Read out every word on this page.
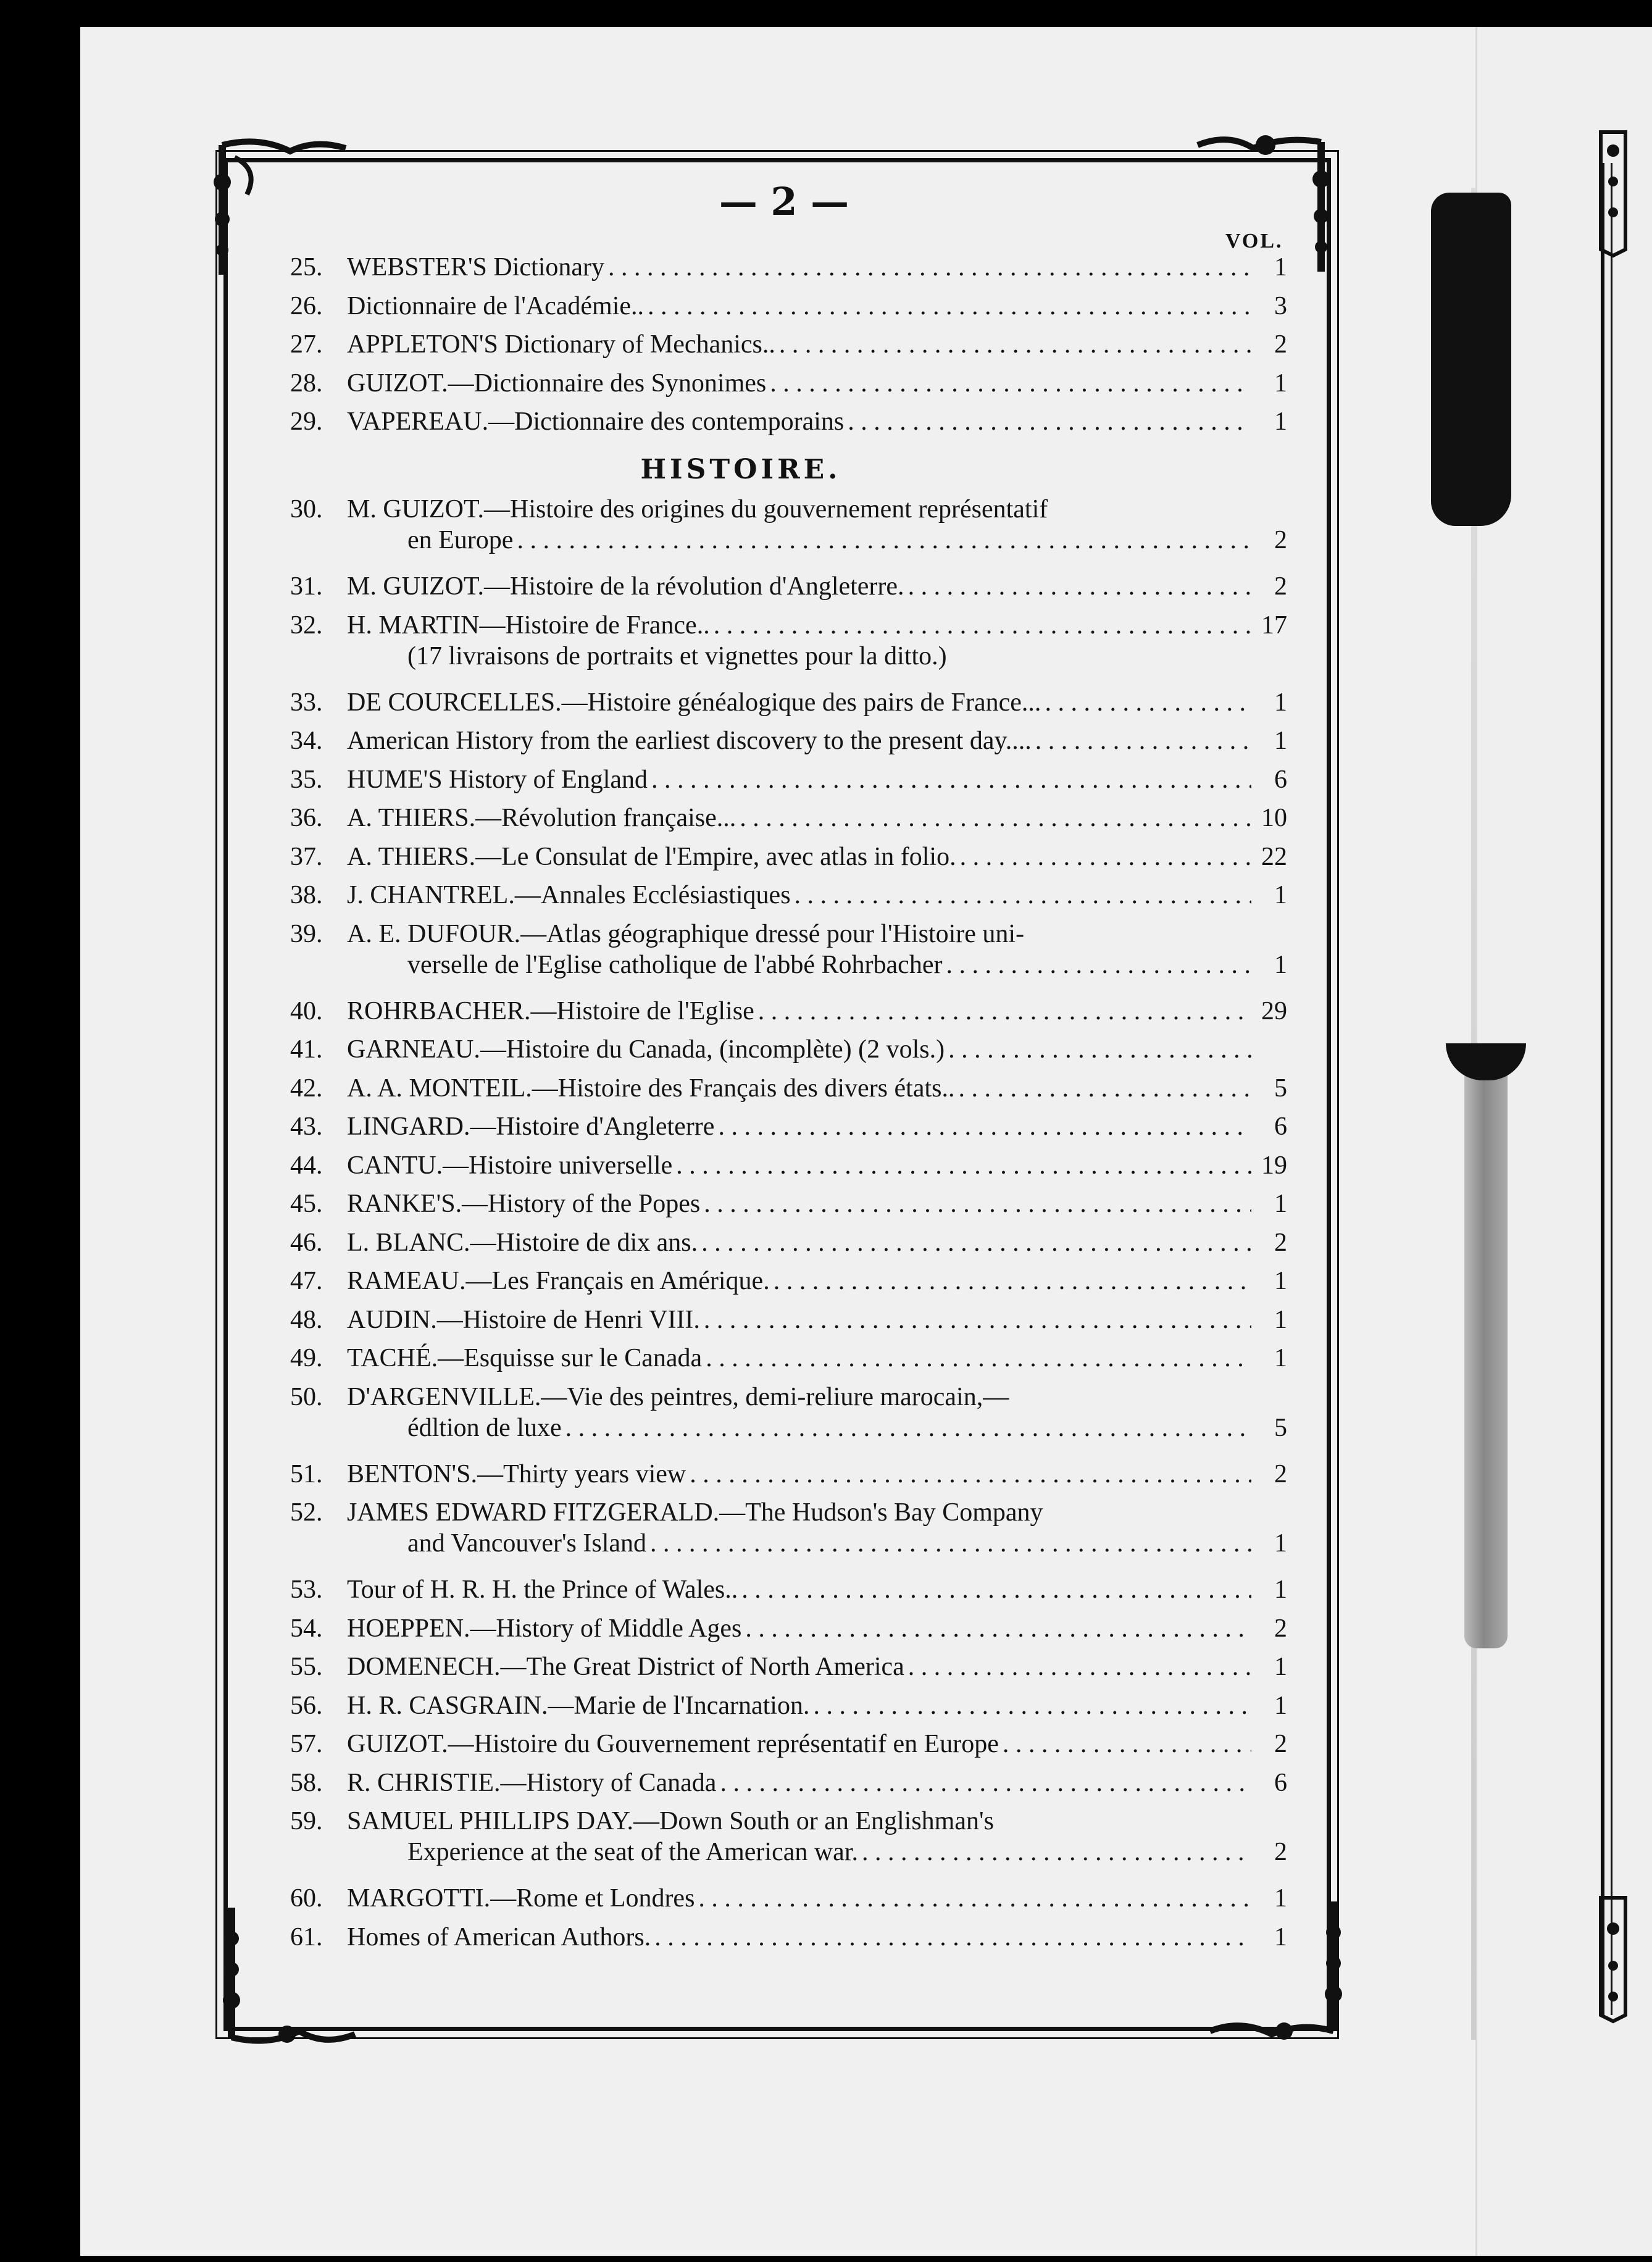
— 2 —
VOL.
HISTOIRE.
25. WEBSTER'S Dictionary . . .	1
26. Dictionnaire de l'Académie.. . . .	3
27. APPLETON'S Dictionary of Mechanics.. . . .	2
28. GUIZOT.—Dictionnaire des Synonimes . . .	1
29. VAPEREAU.—Dictionnaire des contemporains . . .	1
30. M. GUIZOT.—Histoire des origines du gouvernement représentatif
en Europe . . .	2
31. M. GUIZOT.—Histoire de la révolution d'Angleterre. . . .	2
32. H. MARTIN—Histoire de France.. . . .	17
(17 livraisons de portraits et vignettes pour la ditto.)
33. DE COURCELLES.—Histoire généalogique des pairs de France... . . .	1
34. American History from the earliest discovery to the present day.... . . .	1
35. HUME'S History of England . . .	6
36. A. THIERS.—Révolution française... . . .	10
37. A. THIERS.—Le Consulat de l'Empire, avec atlas in folio. . . .	22
38. J. CHANTREL.—Annales Ecclésiastiques . . .	1
39. A. E. DUFOUR.—Atlas géographique dressé pour l'Histoire uni-
verselle de l'Eglise catholique de l'abbé Rohrbacher . . .	1
40. ROHRBACHER.—Histoire de l'Eglise . . .	29
41. GARNEAU.—Histoire du Canada, (incomplète) (2 vols.)
. . .
42. A. A. MONTEIL.—Histoire des Français des divers états.. . . .	5
43. LINGARD.—Histoire d'Angleterre . . .	6
44. CANTU.—Histoire universelle . . .	19
45. RANKE'S.—History of the Popes . . .	1
46. L. BLANC.—Histoire de dix ans. . . .	2
47. RAMEAU.—Les Français en Amérique. . . .	1
48. AUDIN.—Histoire de Henri VIII. . . .	1
49. TACHÉ.—Esquisse sur le Canada . . .	1
50. D'ARGENVILLE.—Vie des peintres, demi-reliure marocain,—
édltion de luxe . . .	5
51. BENTON'S.—Thirty years view . . .	2
52. JAMES EDWARD FITZGERALD.—The Hudson's Bay Company
and Vancouver's Island . . .	1
53. Tour of H. R. H. the Prince of Wales.. . . .	1
54. HOEPPEN.—History of Middle Ages . . .	2
55. DOMENECH.—The Great District of North America . . .	1
56. H. R. CASGRAIN.—Marie de l'Incarnation. . . .	1
57. GUIZOT.—Histoire du Gouvernement représentatif en Europe . . .	2
58. R. CHRISTIE.—History of Canada . . .	6
59. SAMUEL PHILLIPS DAY.—Down South or an Englishman's
Experience at the seat of the American war. . . .	2
60. MARGOTTI.—Rome et Londres . . .	1
61. Homes of American Authors. . . .	1
